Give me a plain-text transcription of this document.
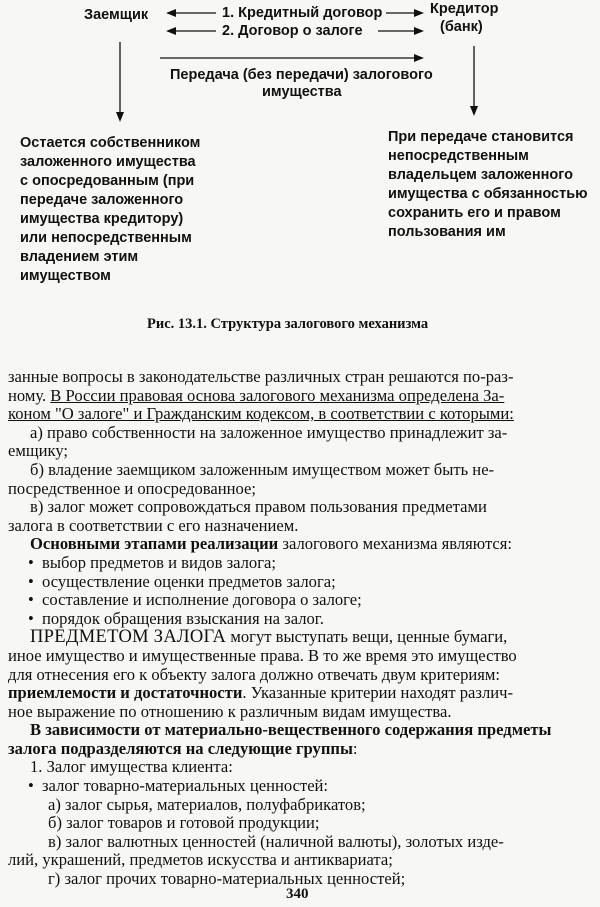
Заемщик	Кредитор
(банк)
1. Кредитный договор
2. Договор о залоге
Передача (без передачи) залогового
имущества
Остается собственником
заложенного имущества
с опосредованным (при
передаче заложенного
имущества кредитору)
или непосредственным
владением этим
имуществом
При передаче становится
непосредственным
владельцем заложенного
имущества с обязанностью
сохранить его и правом
пользования им
Рис. 13.1. Структура залогового механизма
занные вопросы в законодательстве различных стран решаются по-раз-
ному. В России правовая основа залогового механизма определена За-
коном "О залоге" и Гражданским кодексом, в соответствии с которыми:
а) право собственности на заложенное имущество принадлежит за-
емщику;
б) владение заемщиком заложенным имуществом может быть не-
посредственное и опосредованное;
в) залог может сопровождаться правом пользования предметами
залога в соответствии с его назначением.
Основными этапами реализации залогового механизма являются:
• выбор предметов и видов залога;
• осуществление оценки предметов залога;
• составление и исполнение договора о залоге;
• порядок обращения взыскания на залог.
ПРЕДМЕТОМ ЗАЛОГА могут выступать вещи, ценные бумаги,
иное имущество и имущественные права. В то же время это имущество
для отнесения его к объекту залога должно отвечать двум критериям:
приемлемости и достаточности. Указанные критерии находят различ-
ное выражение по отношению к различным видам имущества.
В зависимости от материально-вещественного содержания предметы
залога подразделяются на следующие группы:
1. Залог имущества клиента:
• залог товарно-материальных ценностей:
а) залог сырья, материалов, полуфабрикатов;
б) залог товаров и готовой продукции;
в) залог валютных ценностей (наличной валюты), золотых изде-
лий, украшений, предметов искусства и антиквариата;
г) залог прочих товарно-материальных ценностей;
340
